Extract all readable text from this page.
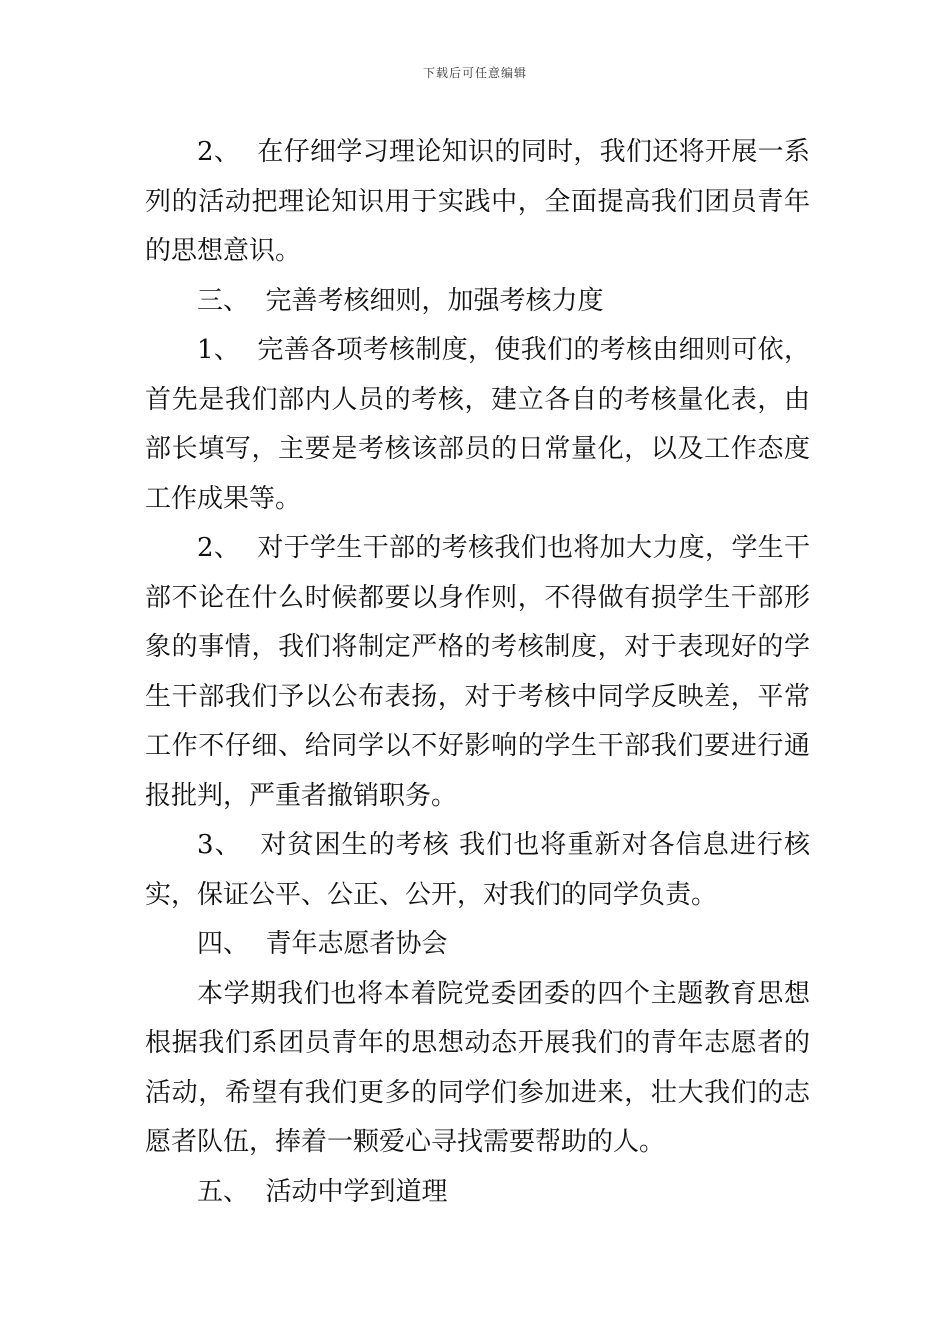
下载后可任意编辑

2、  在仔细学习理论知识的同时，我们还将开展一系列的活动把理论知识用于实践中，全面提高我们团员青年的思想意识。

三、  完善考核细则，加强考核力度

1、  完善各项考核制度，使我们的考核由细则可依，首先是我们部内人员的考核，建立各自的考核量化表，由部长填写，主要是考核该部员的日常量化，以及工作态度工作成果等。

2、  对于学生干部的考核我们也将加大力度，学生干部不论在什么时候都要以身作则，不得做有损学生干部形象的事情，我们将制定严格的考核制度，对于表现好的学生干部我们予以公布表扬，对于考核中同学反映差，平常工作不仔细、给同学以不好影响的学生干部我们要进行通报批判，严重者撤销职务。

3、  对贫困生的考核 我们也将重新对各信息进行核实，保证公平、公正、公开，对我们的同学负责。

四、  青年志愿者协会

本学期我们也将本着院党委团委的四个主题教育思想根据我们系团员青年的思想动态开展我们的青年志愿者的活动，希望有我们更多的同学们参加进来，壮大我们的志愿者队伍，捧着一颗爱心寻找需要帮助的人。

五、  活动中学到道理
